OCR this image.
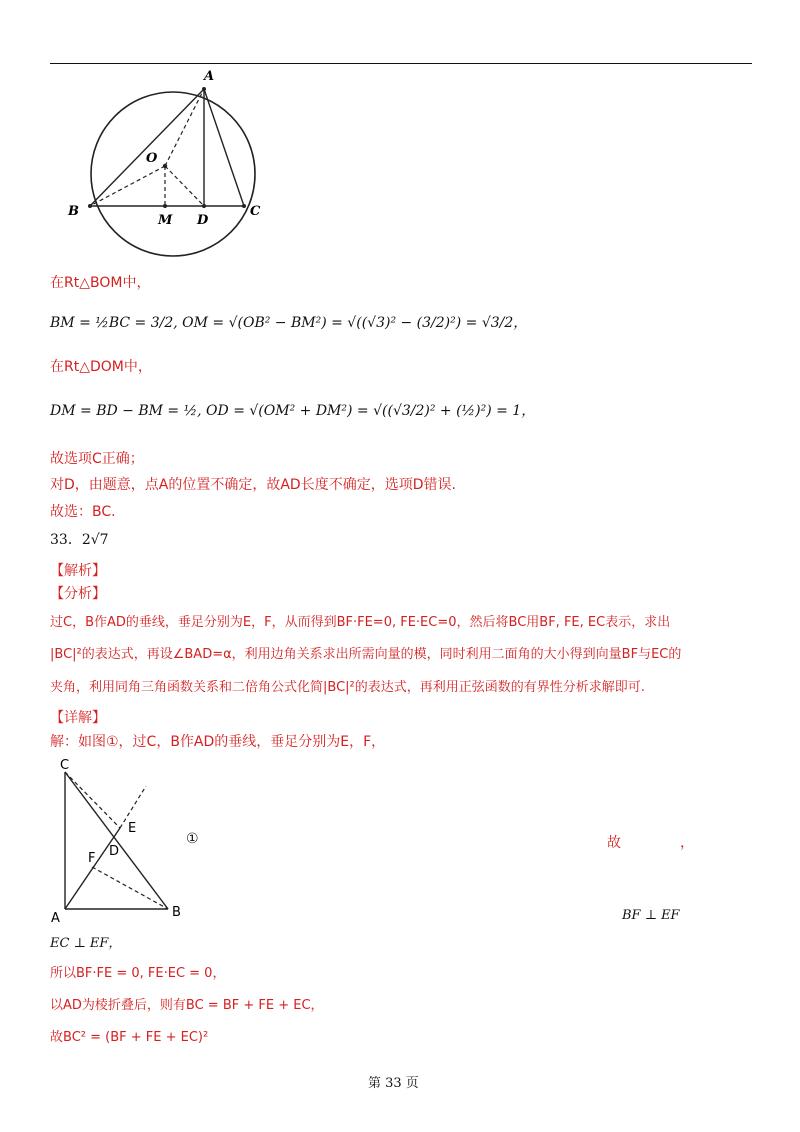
A
O
B
M D
C
在Rt△BOM中，
BM = ½BC = 3/2, OM = √(OB² − BM²) = √((√3)² − (3/2)²) = √3/2，
在Rt△DOM中，
DM = BD − BM = ½, OD = √(OM² + DM²) = √((√3/2)² + (½)²) = 1，
故选项C正确；
对D，由题意，点A的位置不确定，故AD长度不确定，选项D错误.
故选：BC.
33．2√7
【解析】
【分析】
过C，B作AD的垂线，垂足分别为E，F，从而得到BF·FE=0, FE·EC=0，然后将BC用BF, FE, EC表示，求出
|BC|²的表达式，再设∠BAD=α，利用边角关系求出所需向量的模，同时利用二面角的大小得到向量BF与EC的
夹角，利用同角三角函数关系和二倍角公式化简|BC|²的表达式，再利用正弦函数的有界性分析求解即可.
【详解】
解：如图①，过C，B作AD的垂线，垂足分别为E，F，
C
E
D
F
A	B
①	故	，
BF ⊥ EF
EC ⊥ EF，
所以BF·FE = 0, FE·EC = 0，
以AD为棱折叠后，则有BC = BF + FE + EC，
故BC² = (BF + FE + EC)²
第 33 页
